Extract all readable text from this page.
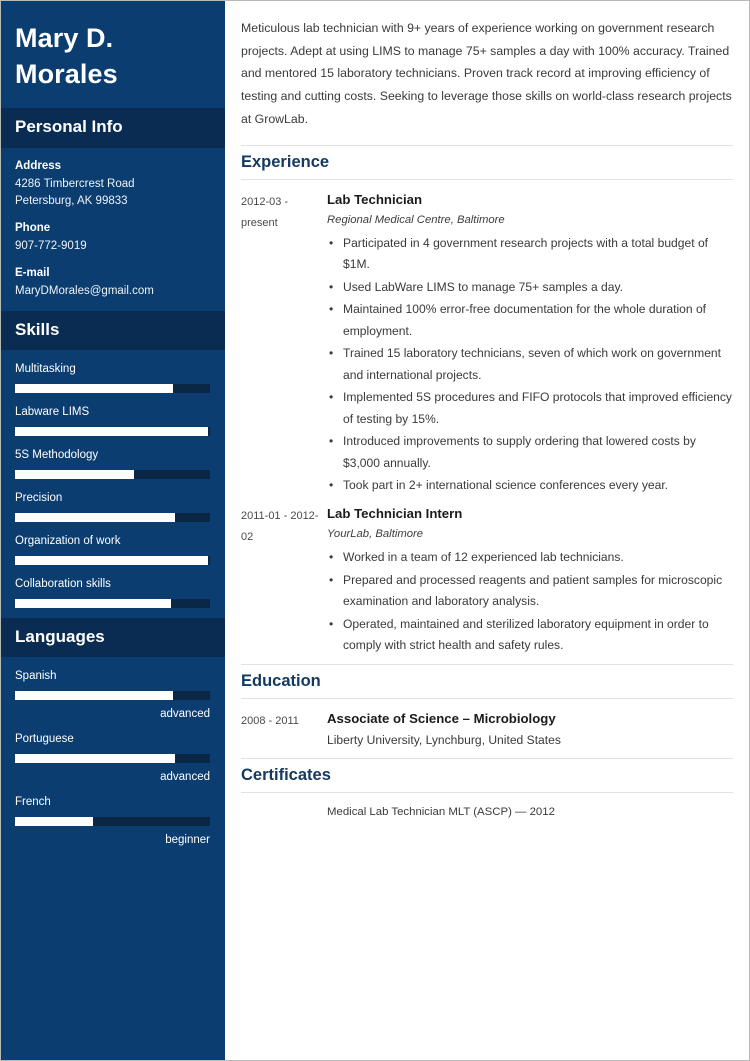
Mary D.
Morales
Personal Info
Address
4286 Timbercrest Road
Petersburg, AK 99833
Phone
907-772-9019
E-mail
MaryDMorales@gmail.com
Skills
Multitasking
Labware LIMS
5S Methodology
Precision
Organization of work
Collaboration skills
Languages
Spanish
advanced
Portuguese
advanced
French
beginner

Meticulous lab technician with 9+ years of experience working on government research projects. Adept at using LIMS to manage 75+ samples a day with 100% accuracy. Trained and mentored 15 laboratory technicians. Proven track record at improving efficiency of testing and cutting costs. Seeking to leverage those skills on world-class research projects at GrowLab.

Experience
2012-03 - present
Lab Technician
Regional Medical Centre, Baltimore
• Participated in 4 government research projects with a total budget of $1M.
• Used LabWare LIMS to manage 75+ samples a day.
• Maintained 100% error-free documentation for the whole duration of employment.
• Trained 15 laboratory technicians, seven of which work on government and international projects.
• Implemented 5S procedures and FIFO protocols that improved efficiency of testing by 15%.
• Introduced improvements to supply ordering that lowered costs by $3,000 annually.
• Took part in 2+ international science conferences every year.
2011-01 - 2012-02
Lab Technician Intern
YourLab, Baltimore
• Worked in a team of 12 experienced lab technicians.
• Prepared and processed reagents and patient samples for microscopic examination and laboratory analysis.
• Operated, maintained and sterilized laboratory equipment in order to comply with strict health and safety rules.
Education
2008 - 2011	Associate of Science – Microbiology
Liberty University, Lynchburg, United States
Certificates
Medical Lab Technician MLT (ASCP) — 2012
